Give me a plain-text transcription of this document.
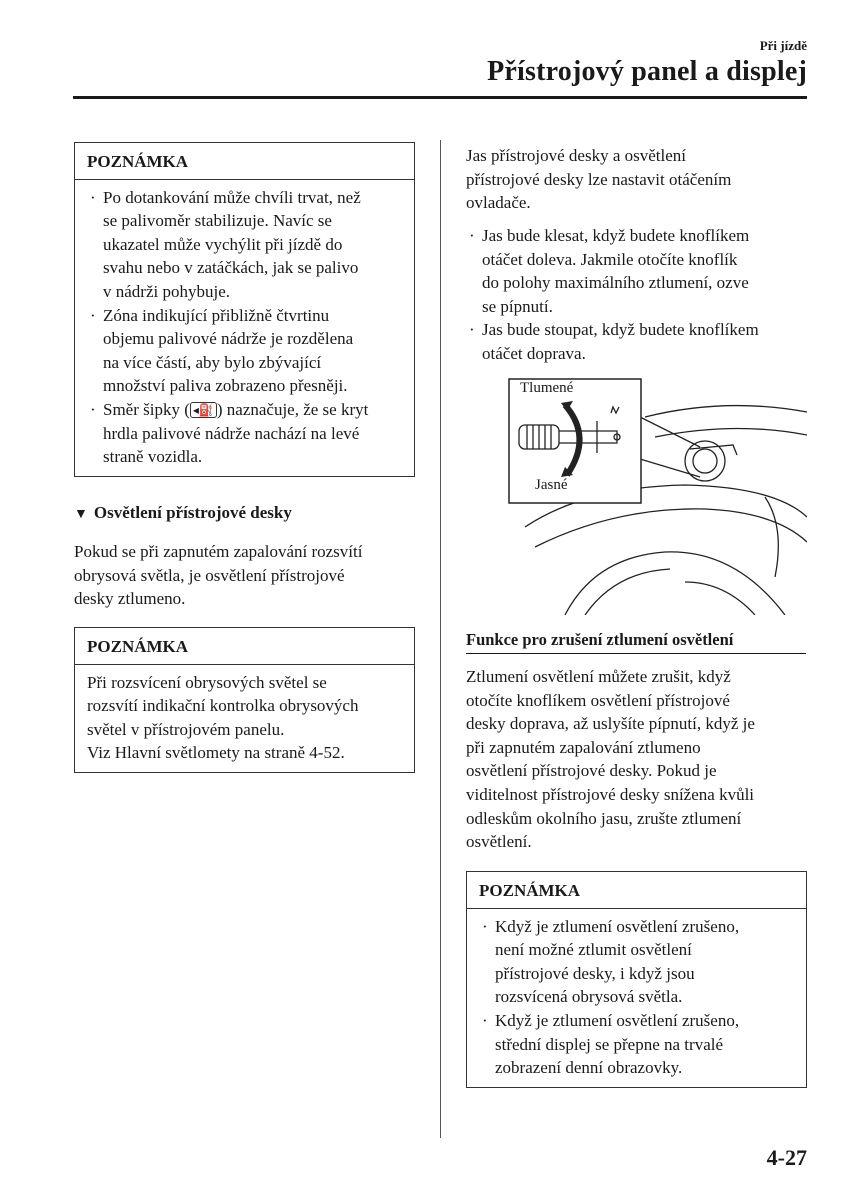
Při jízdě
Přístrojový panel a displej
POZNÁMKA
· Po dotankování může chvíli trvat, než
se palivoměr stabilizuje. Navíc se
ukazatel může vychýlit při jízdě do
svahu nebo v zatáčkách, jak se palivo
v nádrži pohybuje.
· Zóna indikující přibližně čtvrtinu
objemu palivové nádrže je rozdělena
na více částí, aby bylo zbývající
množství paliva zobrazeno přesněji.
· Směr šipky ( ◂⛽ ) naznačuje, že se kryt
hrdla palivové nádrže nachází na levé
straně vozidla.
▼ Osvětlení přístrojové desky
Pokud se při zapnutém zapalování rozsvítí
obrysová světla, je osvětlení přístrojové
desky ztlumeno.
POZNÁMKA
Při rozsvícení obrysových světel se
rozsvítí indikační kontrolka obrysových
světel v přístrojovém panelu.
Viz Hlavní světlomety na straně 4-52.
Jas přístrojové desky a osvětlení
přístrojové desky lze nastavit otáčením
ovladače.
· Jas bude klesat, když budete knoflíkem
otáčet doleva. Jakmile otočíte knoflík
do polohy maximálního ztlumení, ozve
se pípnutí.
· Jas bude stoupat, když budete knoflíkem
otáčet doprava.
Tlumené
Jasné
Funkce pro zrušení ztlumení osvětlení
Ztlumení osvětlení můžete zrušit, když
otočíte knoflíkem osvětlení přístrojové
desky doprava, až uslyšíte pípnutí, když je
při zapnutém zapalování ztlumeno
osvětlení přístrojové desky. Pokud je
viditelnost přístrojové desky snížena kvůli
odleskům okolního jasu, zrušte ztlumení
osvětlení.
POZNÁMKA
· Když je ztlumení osvětlení zrušeno,
není možné ztlumit osvětlení
přístrojové desky, i když jsou
rozsvícená obrysová světla.
· Když je ztlumení osvětlení zrušeno,
střední displej se přepne na trvalé
zobrazení denní obrazovky.
4-27
